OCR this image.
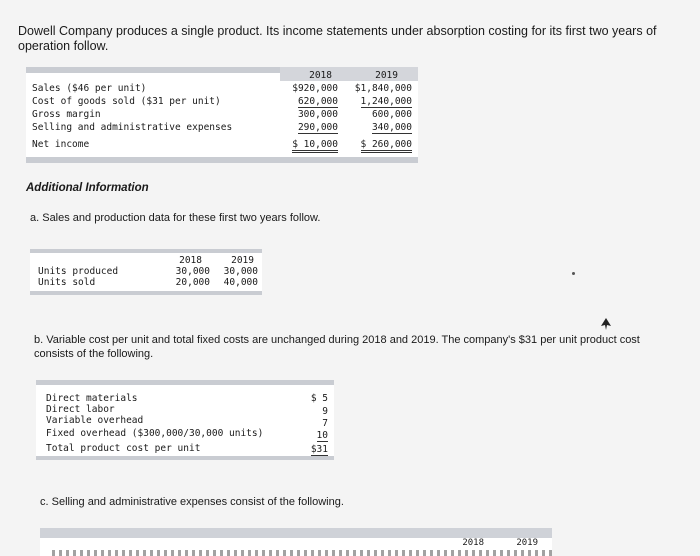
Dowell Company produces a single product. Its income statements under absorption costing for its first two years of operation follow.
2018	2019
Sales ($46 per unit)	$920,000 $1,840,000
Cost of goods sold ($31 per unit)	620,000 1,240,000
Gross margin	300,000	600,000
Selling and administrative expenses	290,000	340,000
Net income	$ 10,000 $ 260,000
Additional Information
a. Sales and production data for these first two years follow.
2018	2019
Units produced	30,000 30,000
Units sold	20,000 40,000
b. Variable cost per unit and total fixed costs are unchanged during 2018 and 2019. The company's $31 per unit product cost consists of the following.
Direct materials	$ 5
Direct labor	9
Variable overhead	7
Fixed overhead ($300,000/30,000 units)	10
Total product cost per unit	$31
c. Selling and administrative expenses consist of the following.
2018	2019
